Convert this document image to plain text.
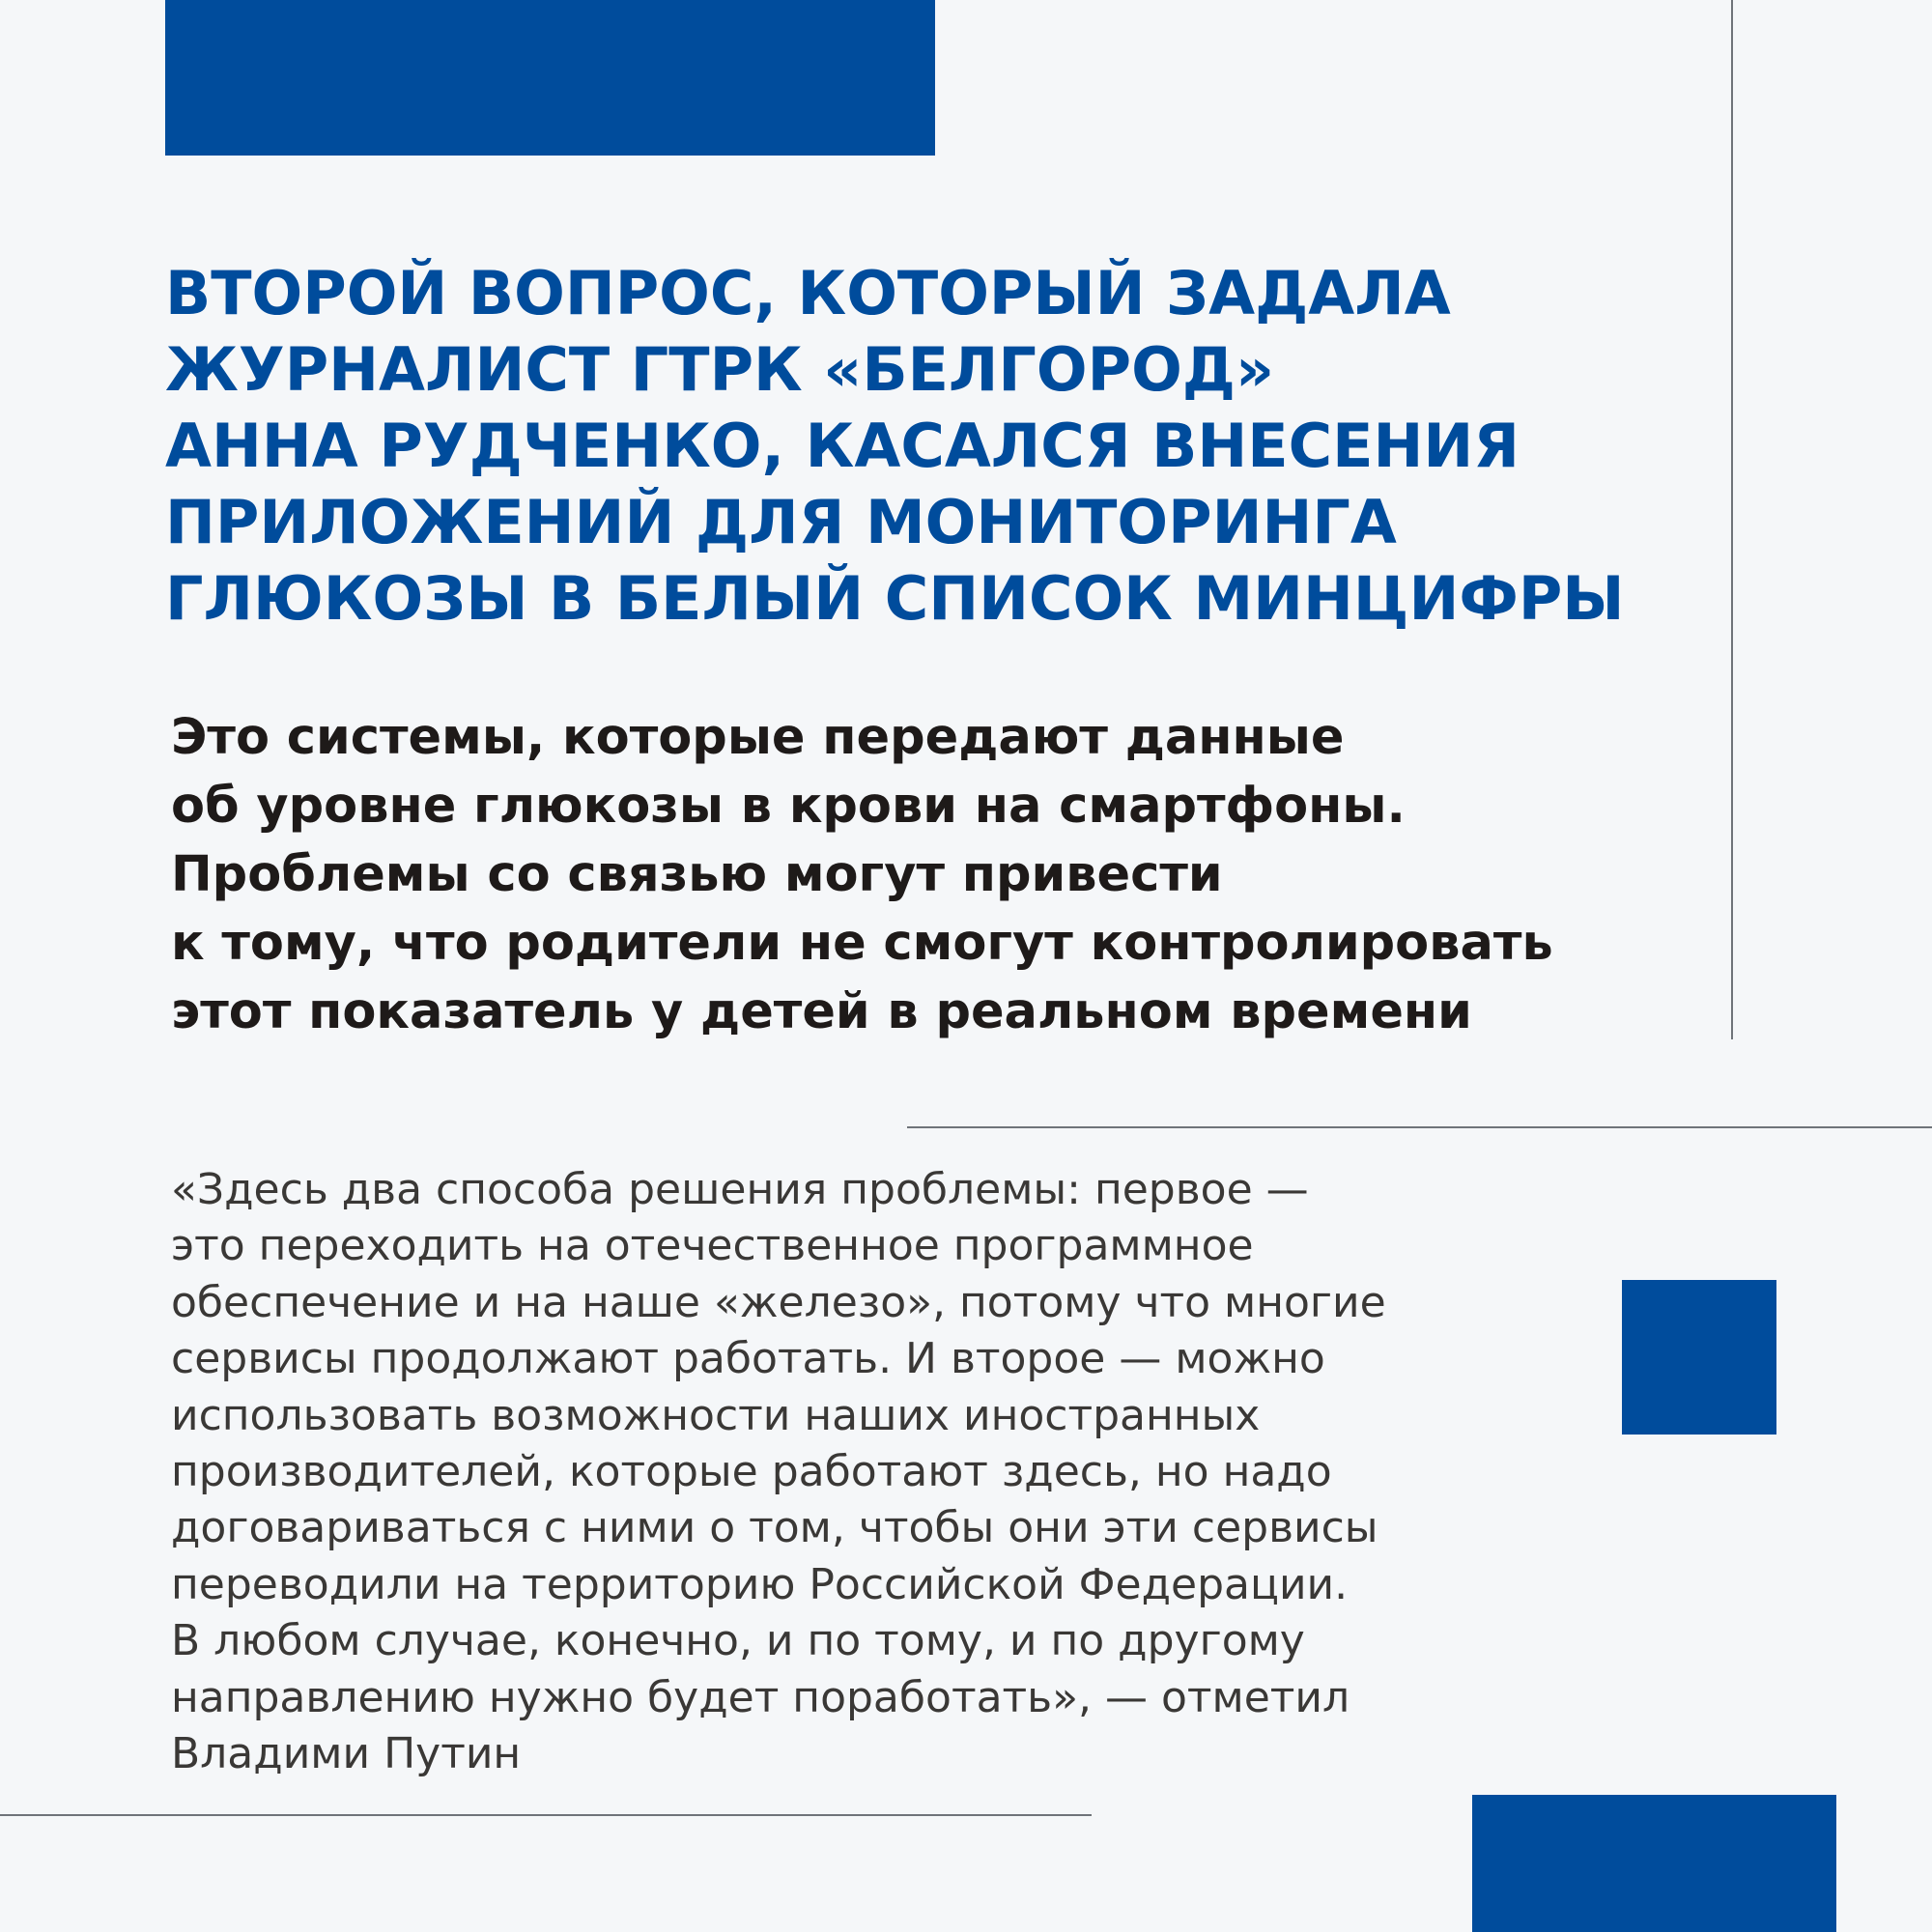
ВТОРОЙ ВОПРОС, КОТОРЫЙ ЗАДАЛА
ЖУРНАЛИСТ ГТРК «БЕЛГОРОД»
АННА РУДЧЕНКО, КАСАЛСЯ ВНЕСЕНИЯ
ПРИЛОЖЕНИЙ ДЛЯ МОНИТОРИНГА
ГЛЮКОЗЫ В БЕЛЫЙ СПИСОК МИНЦИФРЫ

Это системы, которые передают данные
об уровне глюкозы в крови на смартфоны.
Проблемы со связью могут привести
к тому, что родители не смогут контролировать
этот показатель у детей в реальном времени

«Здесь два способа решения проблемы: первое —
это переходить на отечественное программное
обеспечение и на наше «железо», потому что многие
сервисы продолжают работать. И второе — можно
использовать возможности наших иностранных
производителей, которые работают здесь, но надо
договариваться с ними о том, чтобы они эти сервисы
переводили на территорию Российской Федерации.
В любом случае, конечно, и по тому, и по другому
направлению нужно будет поработать», — отметил
Владими Путин
